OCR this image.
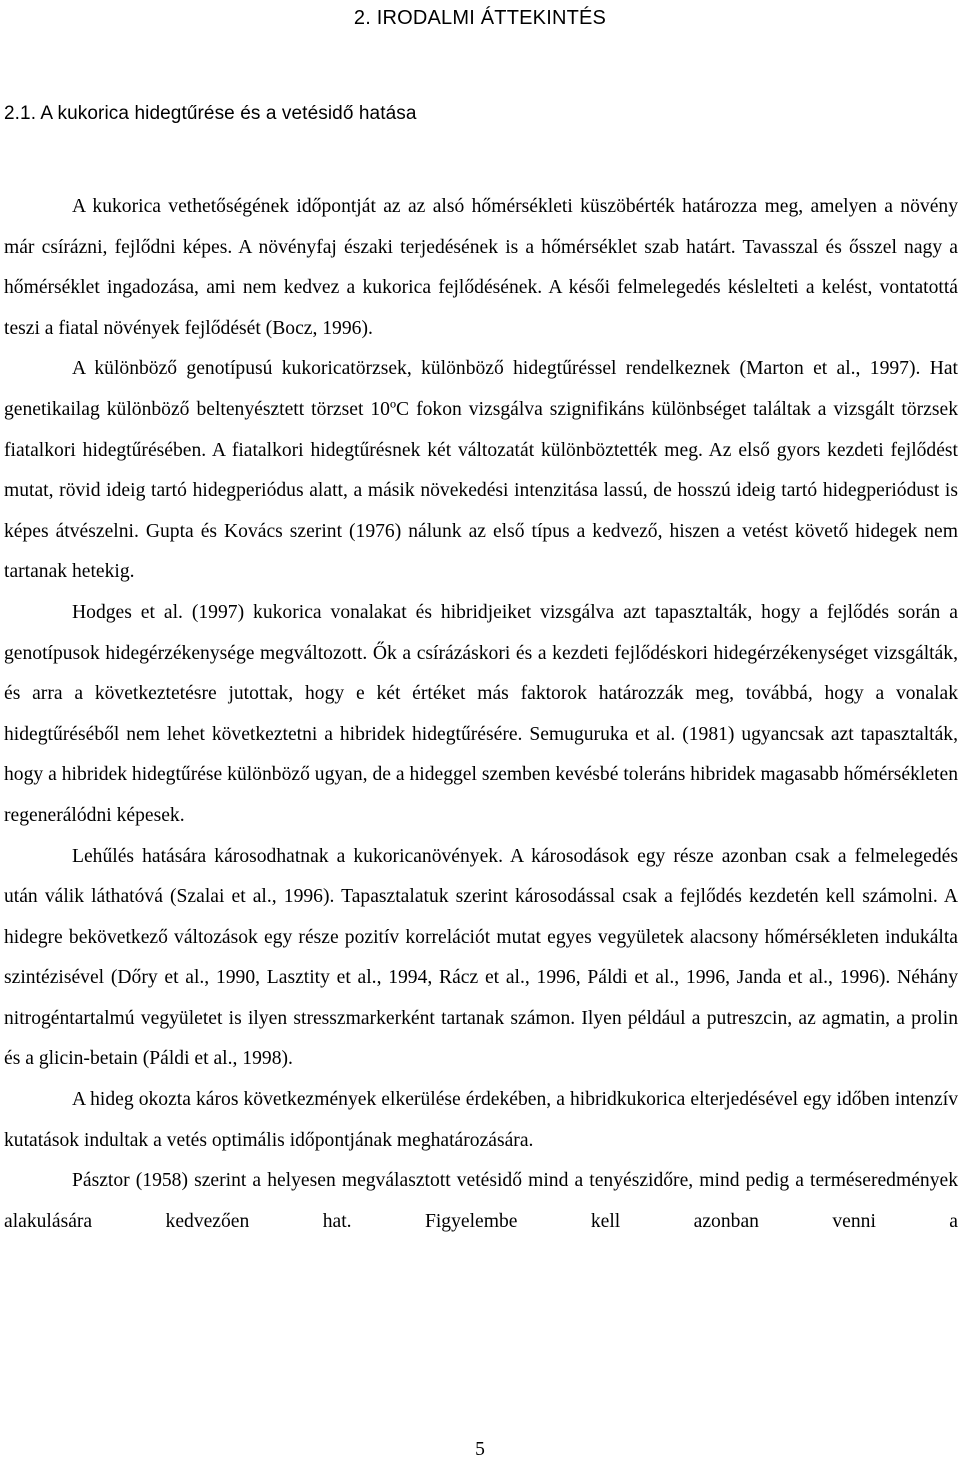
2. IRODALMI ÁTTEKINTÉS
2.1. A kukorica hidegtűrése és a vetésidő hatása

A kukorica vethetőségének időpontját az az alsó hőmérsékleti küszöbérték határozza meg, amelyen a növény már csírázni, fejlődni képes. A növényfaj északi terjedésének is a hőmérséklet szab határt. Tavasszal és ősszel nagy a hőmérséklet ingadozása, ami nem kedvez a kukorica fejlődésének. A késői felmelegedés késlelteti a kelést, vontatottá teszi a fiatal növények fejlődését (Bocz, 1996).

A különböző genotípusú kukoricatörzsek, különböző hidegtűréssel rendelkeznek (Marton et al., 1997). Hat genetikailag különböző beltenyésztett törzset 10ºC fokon vizsgálva szignifikáns különbséget találtak a vizsgált törzsek fiatalkori hidegtűrésében. A fiatalkori hidegtűrésnek két változatát különböztették meg. Az első gyors kezdeti fejlődést mutat, rövid ideig tartó hidegperiódus alatt, a másik növekedési intenzitása lassú, de hosszú ideig tartó hidegperiódust is képes átvészelni. Gupta és Kovács szerint (1976) nálunk az első típus a kedvező, hiszen a vetést követő hidegek nem tartanak hetekig.

Hodges et al. (1997) kukorica vonalakat és hibridjeiket vizsgálva azt tapasztalták, hogy a fejlődés során a genotípusok hidegérzékenysége megváltozott. Ők a csírázáskori és a kezdeti fejlődéskori hidegérzékenységet vizsgálták, és arra a következtetésre jutottak, hogy e két értéket más faktorok határozzák meg, továbbá, hogy a vonalak hidegtűréséből nem lehet következtetni a hibridek hidegtűrésére. Semuguruka et al. (1981) ugyancsak azt tapasztalták, hogy a hibridek hidegtűrése különböző ugyan, de a hideggel szemben kevésbé toleráns hibridek magasabb hőmérsékleten regenerálódni képesek.

Lehűlés hatására károsodhatnak a kukoricanövények. A károsodások egy része azonban csak a felmelegedés után válik láthatóvá (Szalai et al., 1996). Tapasztalatuk szerint károsodással csak a fejlődés kezdetén kell számolni. A hidegre bekövetkező változások egy része pozitív korrelációt mutat egyes vegyületek alacsony hőmérsékleten indukálta szintézisével (Dőry et al., 1990, Lasztity et al., 1994, Rácz et al., 1996, Páldi et al., 1996, Janda et al., 1996). Néhány nitrogéntartalmú vegyületet is ilyen stresszmarkerként tartanak számon. Ilyen például a putreszcin, az agmatin, a prolin és a glicin-betain (Páldi et al., 1998).

A hideg okozta káros következmények elkerülése érdekében, a hibridkukorica elterjedésével egy időben intenzív kutatások indultak a vetés optimális időpontjának meghatározására.

Pásztor (1958) szerint a helyesen megválasztott vetésidő mind a tenyészidőre, mind pedig a terméseredmények alakulására kedvezően hat. Figyelembe kell azonban venni a

5
